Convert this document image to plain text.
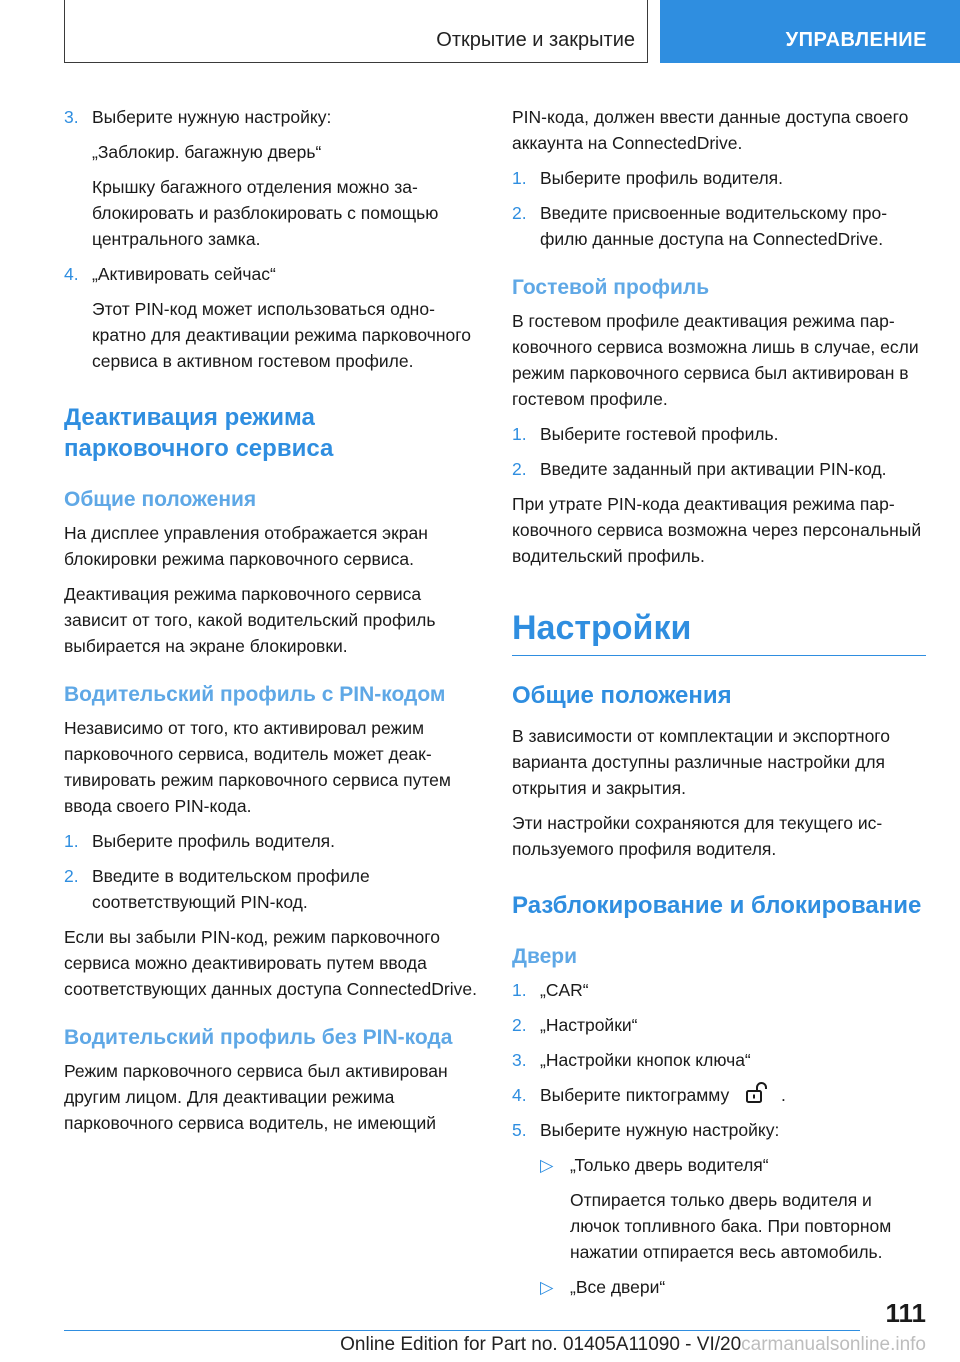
Открытие и закрытие	УПРАВЛЕНИЕ
3. Выберите нужную настройку:
„Заблокир. багажную дверь“
Крышку багажного отделения можно заблокировать и разблокировать с помощью центрального замка.
4. „Активировать сейчас“
Этот PIN-код может использоваться однократно для деактивации режима парковочного сервиса в активном гостевом профиле.
Деактивация режима парковочного сервиса
Общие положения

На дисплее управления отображается экран блокировки режима парковочного сервиса.

Деактивация режима парковочного сервиса зависит от того, какой водительский профиль выбирается на экране блокировки.

Водительский профиль с PIN-кодом

Независимо от того, кто активировал режим парковочного сервиса, водитель может деактивировать режим парковочного сервиса путем ввода своего PIN-кода.

1. Выберите профиль водителя.
2. Введите в водительском профиле соответствующий PIN-код.

Если вы забыли PIN-код, режим парковочного сервиса можно деактивировать путем ввода соответствующих данных доступа ConnectedDrive.

Водительский профиль без PIN-кода

Режим парковочного сервиса был активирован другим лицом. Для деактивации режима парковочного сервиса водитель, не имеющий

PIN-кода, должен ввести данные доступа своего аккаунта на ConnectedDrive.

1. Выберите профиль водителя.
2. Введите присвоенные водительскому профилю данные доступа на ConnectedDrive.
Гостевой профиль

В гостевом профиле деактивация режима парковочного сервиса возможна лишь в случае, если режим парковочного сервиса был активирован в гостевом профиле.

1. Выберите гостевой профиль.
2. Введите заданный при активации PIN-код.

При утрате PIN-кода деактивация режима парковочного сервиса возможна через персональный водительский профиль.

Настройки
Общие положения

В зависимости от комплектации и экспортного варианта доступны различные настройки для открытия и закрытия.

Эти настройки сохраняются для текущего используемого профиля водителя.

Разблокирование и блокирование
Двери
1. „CAR“
2. „Настройки“
3. „Настройки кнопок ключа“
4. Выберите пиктограмму	.
5. Выберите нужную настройку:
▷ „Только дверь водителя“
Отпирается только дверь водителя и лючок топливного бака. При повторном нажатии отпирается весь автомобиль.
▷ „Все двери“
111
Online Edition for Part no. 01405A11090 - VI/20carmanualsonline.info
